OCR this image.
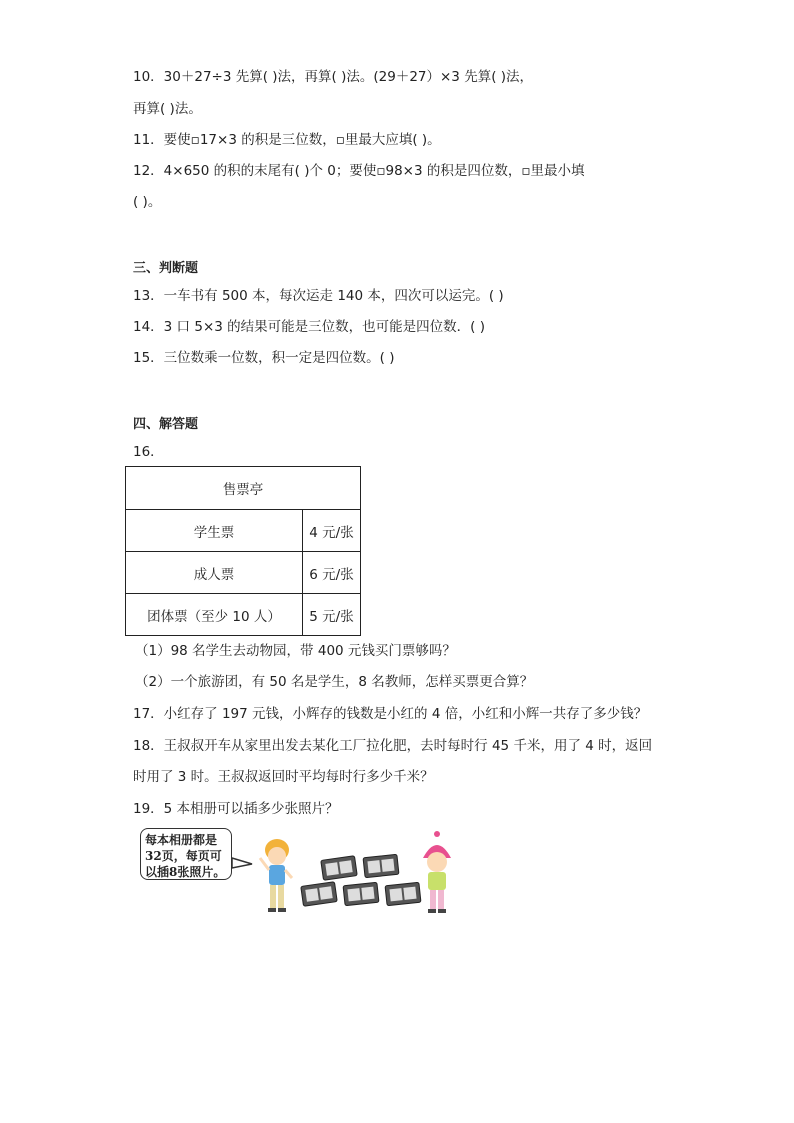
10．30＋27÷3 先算( )法，再算( )法。(29＋27）×3 先算( )法，
再算( )法。
11．要使▫17×3 的积是三位数，▫里最大应填( )。
12．4×650 的积的末尾有( )个 0；要使▫98×3 的积是四位数，▫里最小填
( )。
三、判断题
13．一车书有 500 本，每次运走 140 本，四次可以运完。( )
14．3 口 5×3 的结果可能是三位数，也可能是四位数．( )
15．三位数乘一位数，积一定是四位数。( )
四、解答题
16．
售票亭	
学生票	4 元/张
成人票	6 元/张
团体票（至少 10 人）	5 元/张
（1）98 名学生去动物园，带 400 元钱买门票够吗？
（2）一个旅游团，有 50 名是学生，8 名教师，怎样买票更合算？
17．小红存了 197 元钱，小辉存的钱数是小红的 4 倍，小红和小辉一共存了多少钱？
18．王叔叔开车从家里出发去某化工厂拉化肥，去时每时行 45 千米，用了 4 时，返回
时用了 3 时。王叔叔返回时平均每时行多少千米？
19．5 本相册可以插多少张照片？
每本相册都是
32页，每页可
以插8张照片。
